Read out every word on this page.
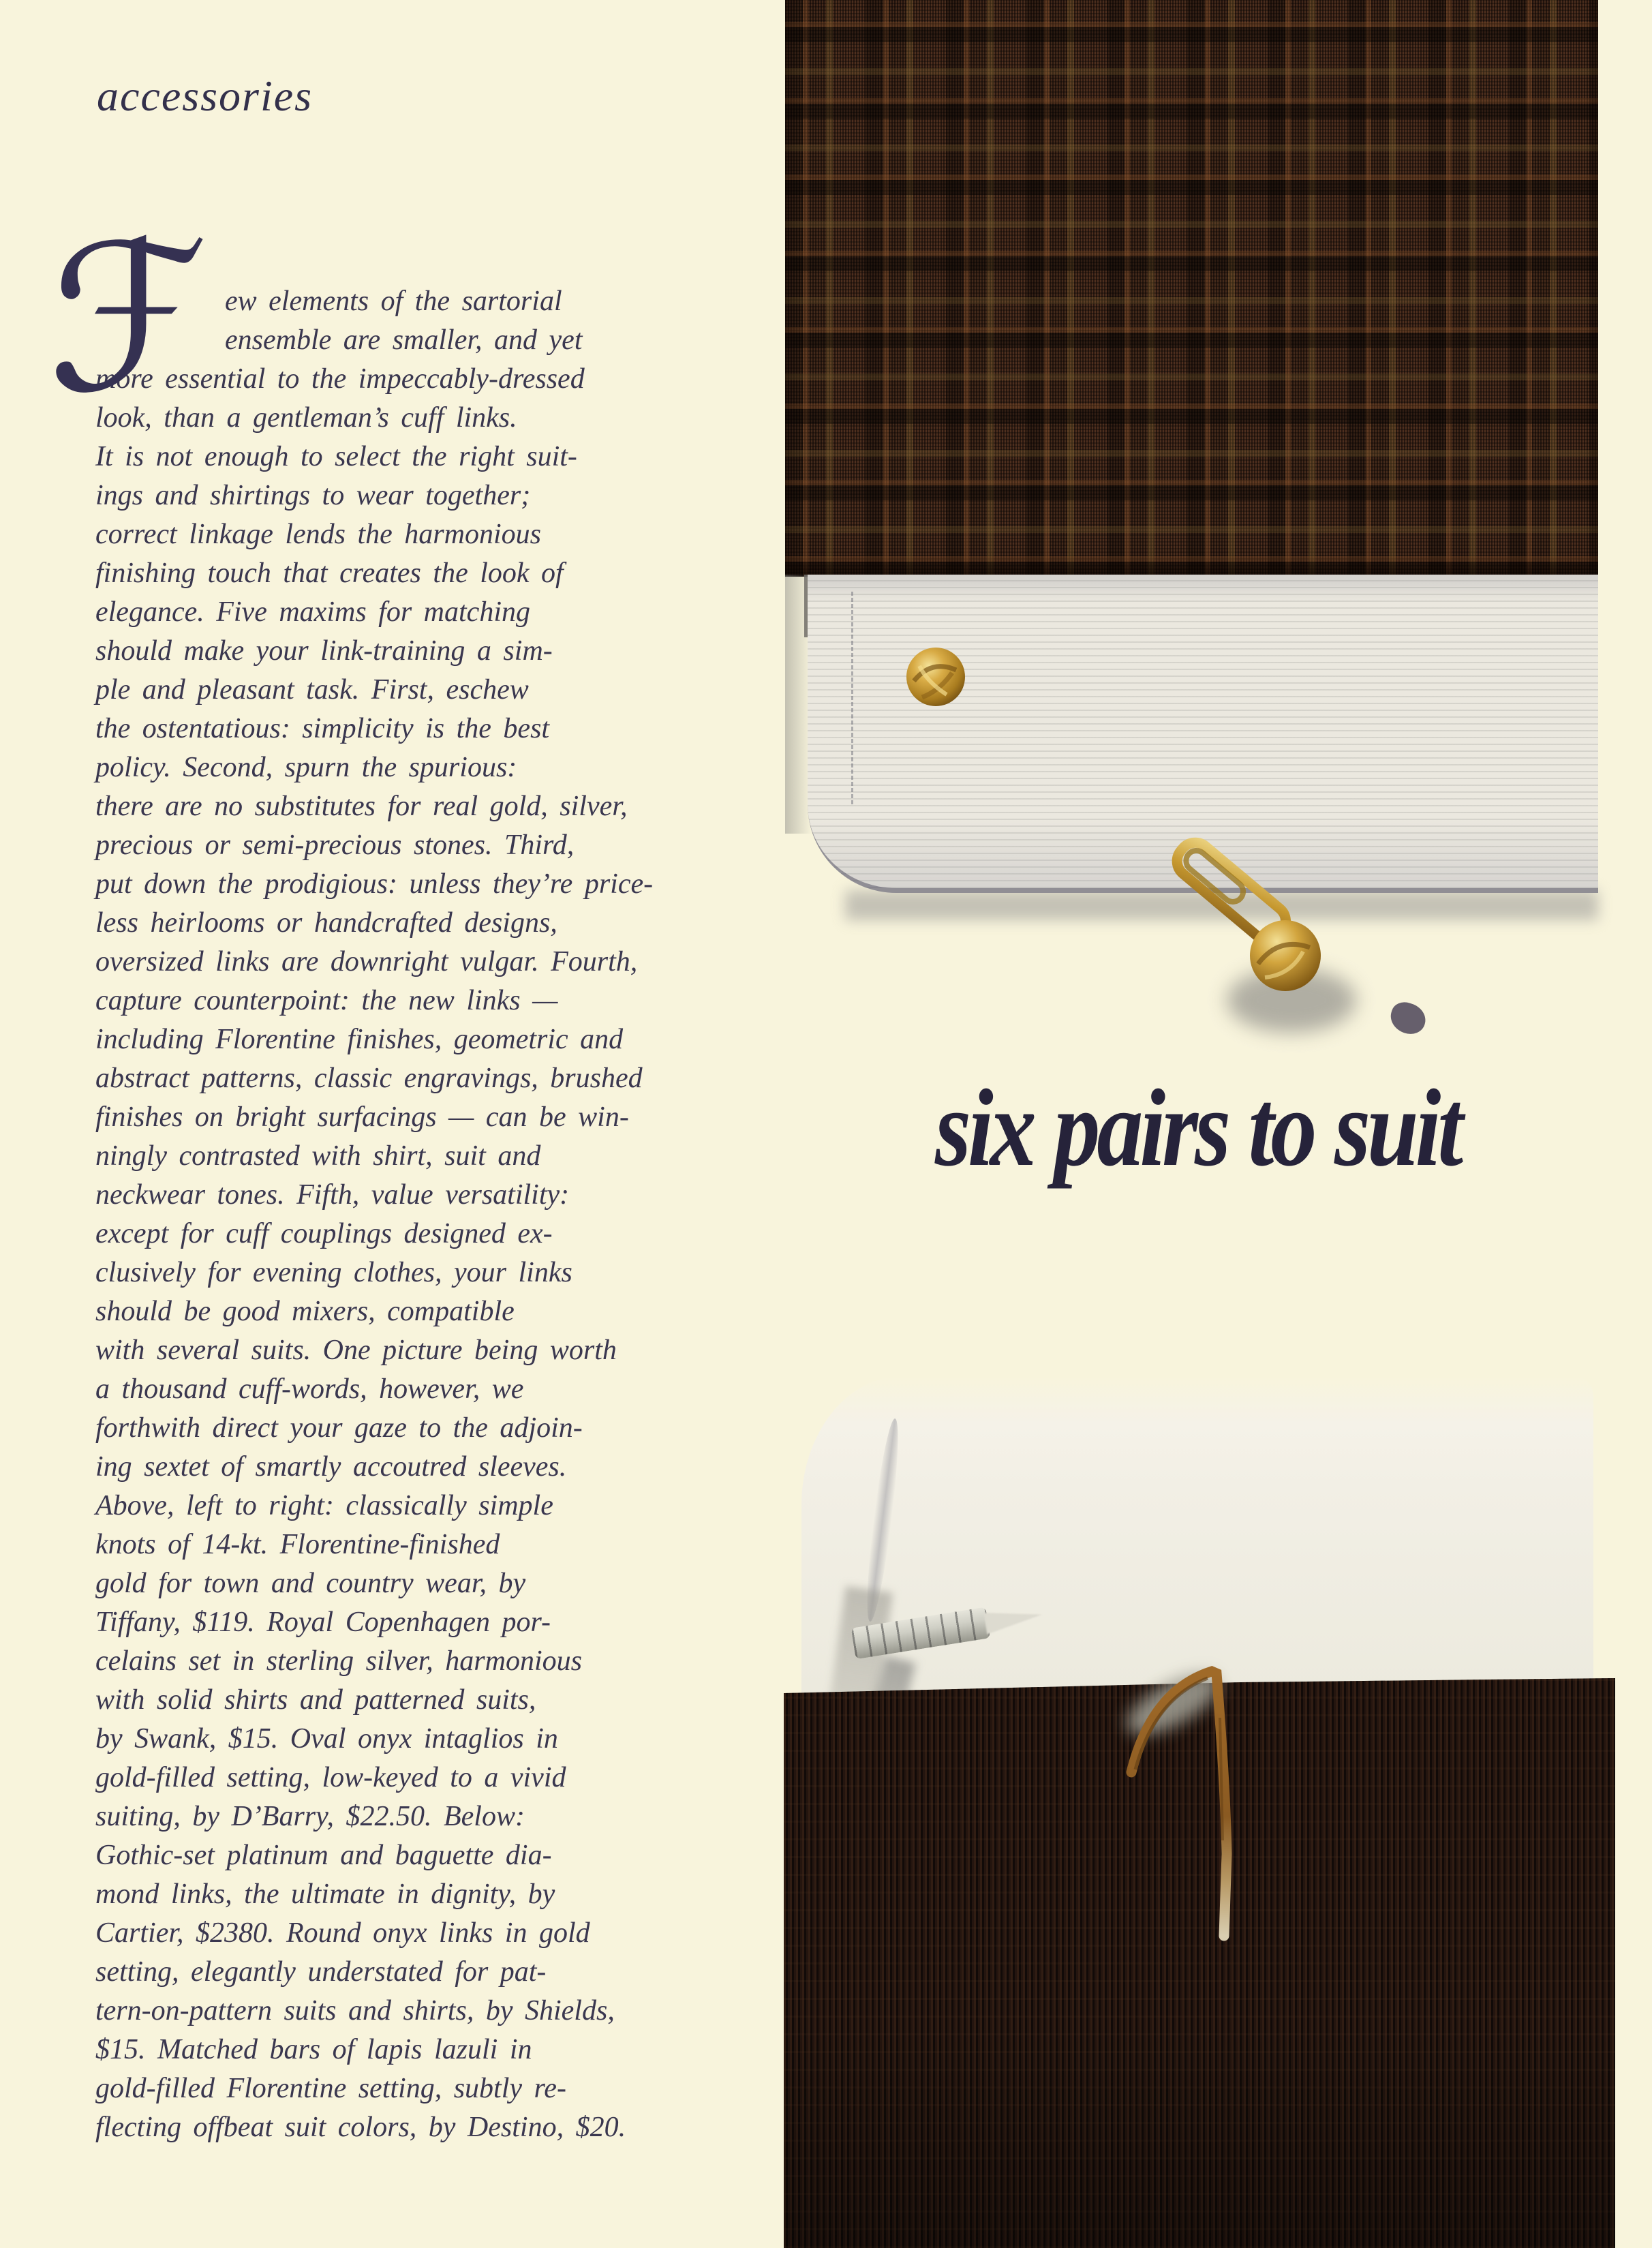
accessories
ℱ ew elements of the sartorial
ensemble are smaller, and yet
more essential to the impeccably-dressed
look, than a gentleman’s cuff links.
It is not enough to select the right suit-
ings and shirtings to wear together;
correct linkage lends the harmonious
finishing touch that creates the look of
elegance. Five maxims for matching
should make your link-training a sim-
ple and pleasant task. First, eschew
the ostentatious: simplicity is the best
policy. Second, spurn the spurious:
there are no substitutes for real gold, silver,
precious or semi-precious stones. Third,
put down the prodigious: unless they’re price-
less heirlooms or handcrafted designs,
oversized links are downright vulgar. Fourth,
capture counterpoint: the new links —
including Florentine finishes, geometric and
abstract patterns, classic engravings, brushed
finishes on bright surfacings — can be win-
ningly contrasted with shirt, suit and
neckwear tones. Fifth, value versatility:
except for cuff couplings designed ex-
clusively for evening clothes, your links
should be good mixers, compatible
with several suits. One picture being worth
a thousand cuff-words, however, we
forthwith direct your gaze to the adjoin-
ing sextet of smartly accoutred sleeves.
Above, left to right: classically simple
knots of 14-kt. Florentine-finished
gold for town and country wear, by
Tiffany, $119. Royal Copenhagen por-
celains set in sterling silver, harmonious
with solid shirts and patterned suits,
by Swank, $15. Oval onyx intaglios in
gold-filled setting, low-keyed to a vivid
suiting, by D’Barry, $22.50. Below:
Gothic-set platinum and baguette dia-
mond links, the ultimate in dignity, by
Cartier, $2380. Round onyx links in gold
setting, elegantly understated for pat-
tern-on-pattern suits and shirts, by Shields,
$15. Matched bars of lapis lazuli in
gold-filled Florentine setting, subtly re-
flecting offbeat suit colors, by Destino, $20.
six pairs to suit
